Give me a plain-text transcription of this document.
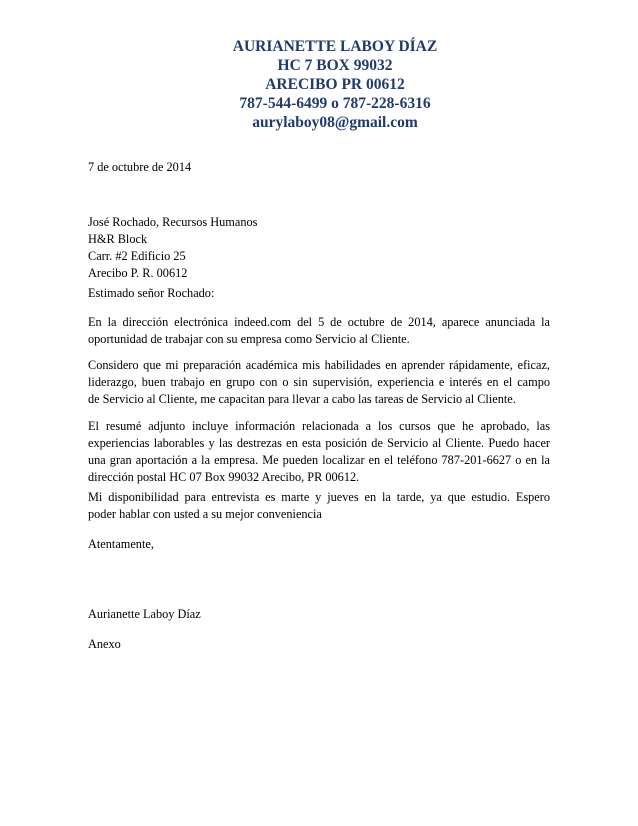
AURIANETTE LABOY DÍAZ
HC 7 BOX 99032
ARECIBO PR 00612
787-544-6499 o 787-228-6316
aurylaboy08@gmail.com
7 de octubre de 2014
José Rochado, Recursos Humanos
H&R Block
Carr. #2 Edificio 25
Arecibo P. R. 00612
Estimado señor Rochado:
En la dirección electrónica indeed.com del 5 de octubre de 2014, aparece anunciada la
oportunidad de trabajar con su empresa como Servicio al Cliente.
Considero que mi preparación académica mis habilidades en aprender rápidamente, eficaz,
liderazgo, buen trabajo en grupo con o sin supervisión, experiencia e interés en el campo
de Servicio al Cliente, me capacitan para llevar a cabo las tareas de Servicio al Cliente.
El resumé adjunto incluye información relacionada a los cursos que he aprobado, las
experiencias laborables y las destrezas en esta posición de Servicio al Cliente. Puedo hacer
una gran aportación a la empresa. Me pueden localizar en el teléfono 787-201-6627 o en la
dirección postal HC 07 Box 99032 Arecibo, PR 00612.
Mi disponibilidad para entrevista es marte y jueves en la tarde, ya que estudio. Espero
poder hablar con usted a su mejor conveniencia
Atentamente,
Aurianette Laboy Díaz
Anexo
